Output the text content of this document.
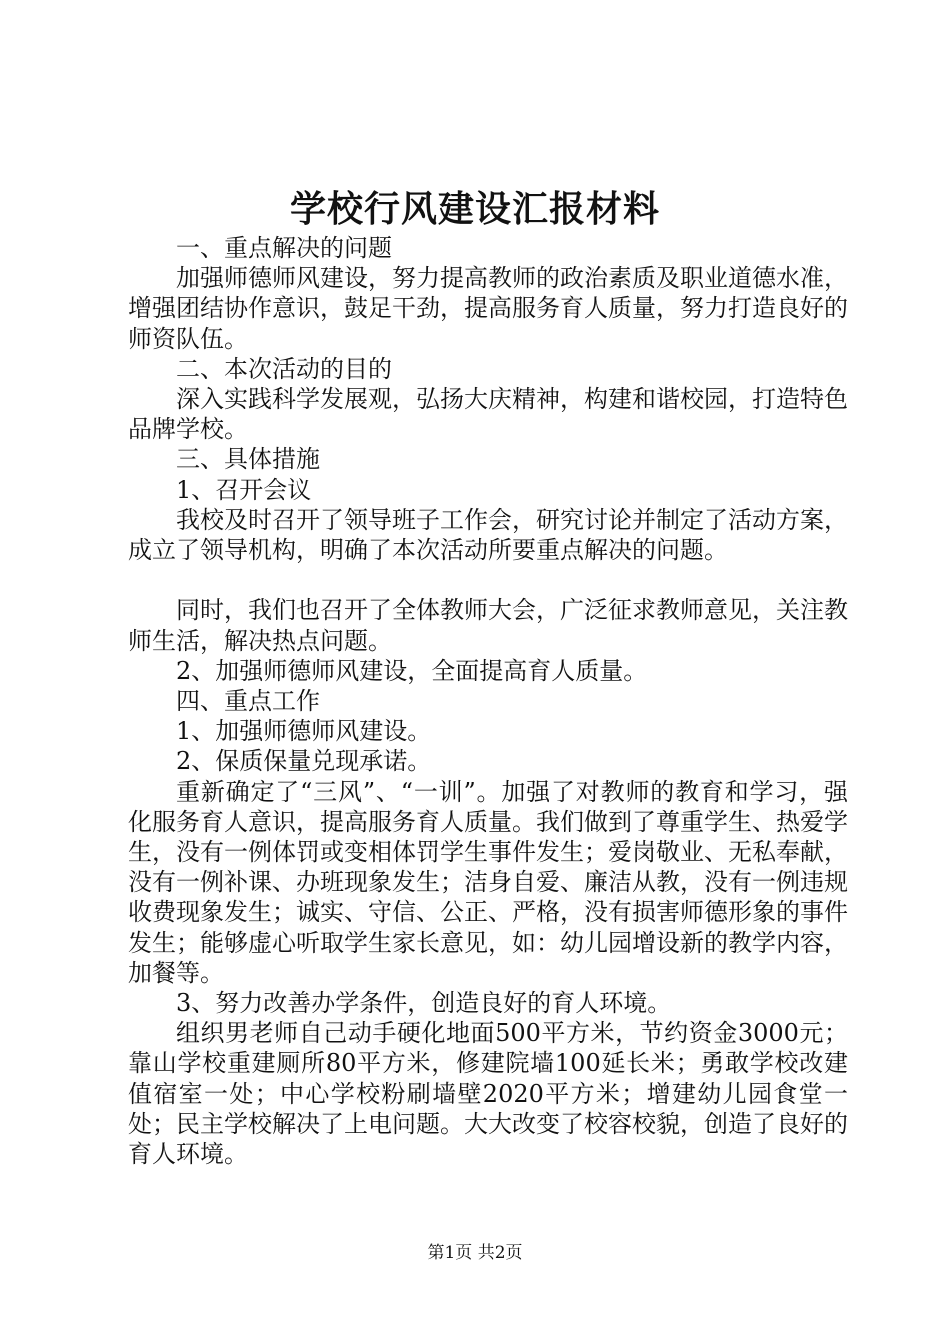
学校行风建设汇报材料

一、重点解决的问题

加强师德师风建设，努力提高教师的政治素质及职业道德水准，增强团结协作意识，鼓足干劲，提高服务育人质量，努力打造良好的师资队伍。

二、本次活动的目的

深入实践科学发展观，弘扬大庆精神，构建和谐校园，打造特色品牌学校。

三、具体措施

1、召开会议

我校及时召开了领导班子工作会，研究讨论并制定了活动方案，成立了领导机构，明确了本次活动所要重点解决的问题。

同时，我们也召开了全体教师大会，广泛征求教师意见，关注教师生活，解决热点问题。

2、加强师德师风建设，全面提高育人质量。

四、重点工作

1、加强师德师风建设。

2、保质保量兑现承诺。

重新确定了“三风”、“一训”。加强了对教师的教育和学习，强化服务育人意识，提高服务育人质量。我们做到了尊重学生、热爱学生，没有一例体罚或变相体罚学生事件发生；爱岗敬业、无私奉献，没有一例补课、办班现象发生；洁身自爱、廉洁从教，没有一例违规收费现象发生；诚实、守信、公正、严格，没有损害师德形象的事件发生；能够虚心听取学生家长意见，如：幼儿园增设新的教学内容，加餐等。

3、努力改善办学条件，创造良好的育人环境。

组织男老师自己动手硬化地面500平方米，节约资金3000元；靠山学校重建厕所80平方米，修建院墙100延长米；勇敢学校改建值宿室一处；中心学校粉刷墙壁2020平方米；增建幼儿园食堂一处；民主学校解决了上电问题。大大改变了校容校貌，创造了良好的育人环境。

第1页 共2页
